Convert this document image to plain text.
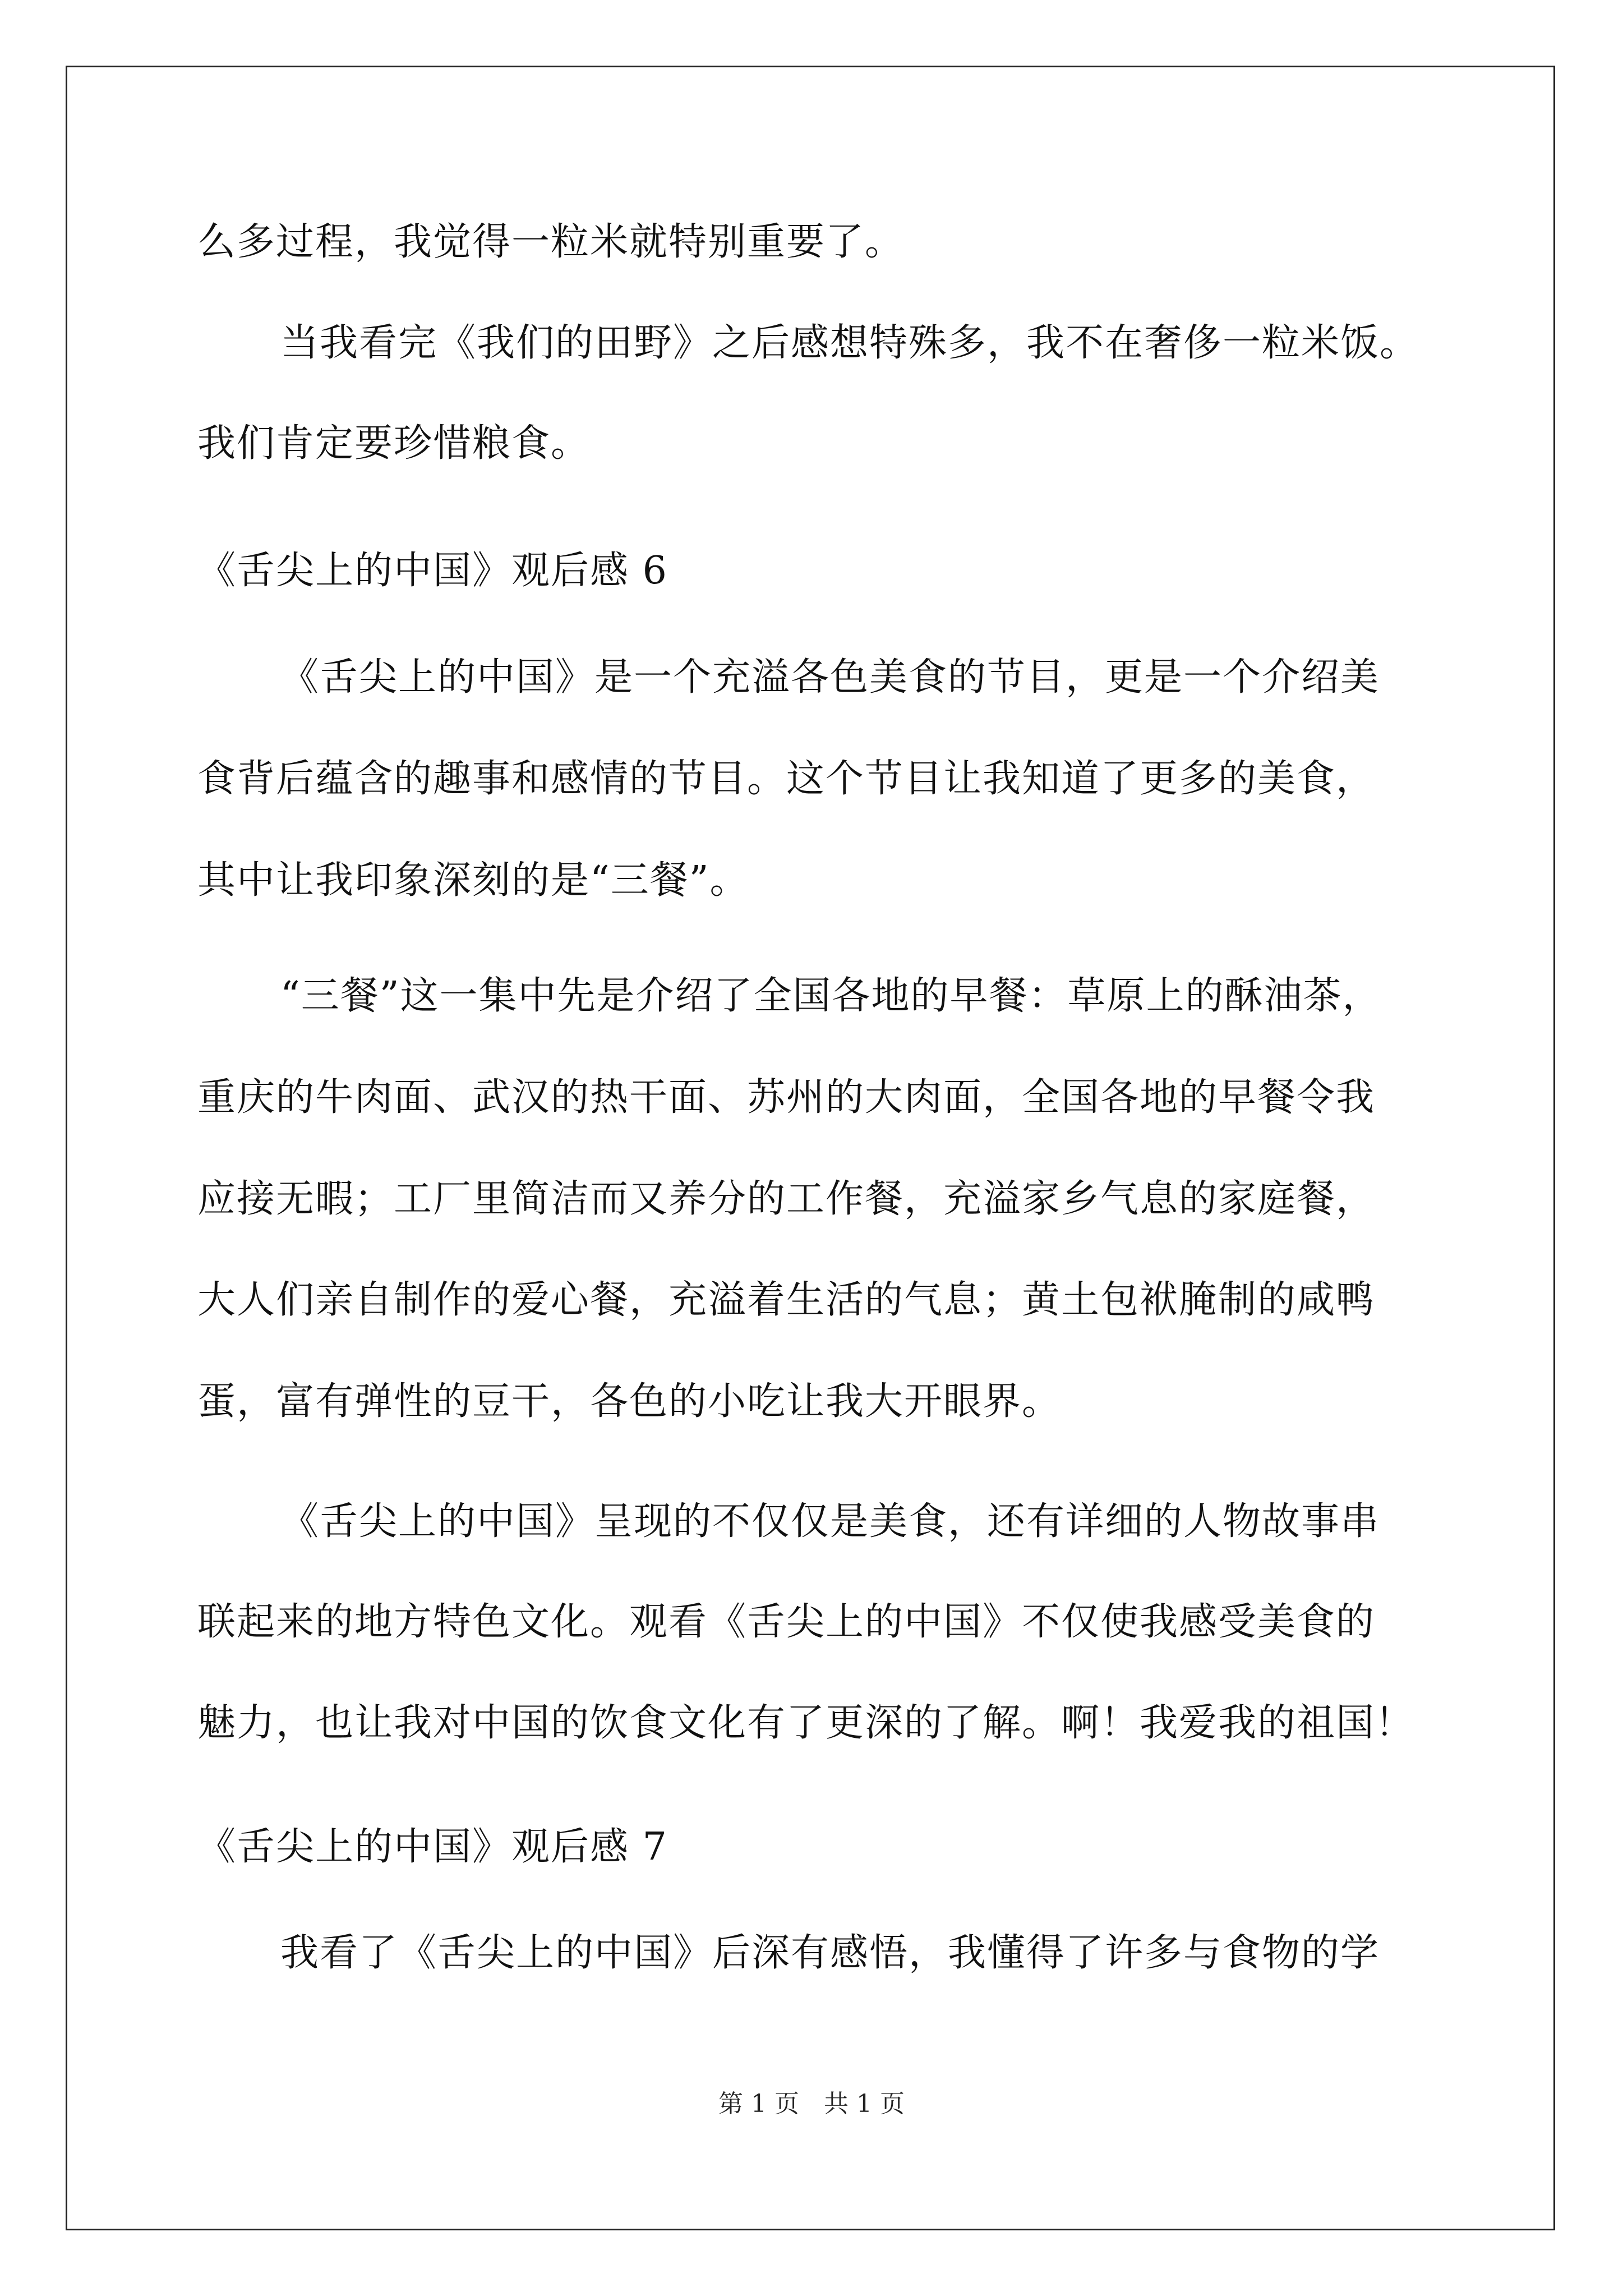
么多过程，我觉得一粒米就特别重要了。
当我看完《我们的田野》之后感想特殊多，我不在奢侈一粒米饭。
我们肯定要珍惜粮食。
《舌尖上的中国》观后感 6
《舌尖上的中国》是一个充溢各色美食的节目，更是一个介绍美
食背后蕴含的趣事和感情的节目。这个节目让我知道了更多的美食，
其中让我印象深刻的是“三餐”。
“三餐”这一集中先是介绍了全国各地的早餐：草原上的酥油茶，
重庆的牛肉面、武汉的热干面、苏州的大肉面，全国各地的早餐令我
应接无暇；工厂里简洁而又养分的工作餐，充溢家乡气息的家庭餐，
大人们亲自制作的爱心餐，充溢着生活的气息；黄土包袱腌制的咸鸭
蛋，富有弹性的豆干，各色的小吃让我大开眼界。
《舌尖上的中国》呈现的不仅仅是美食，还有详细的人物故事串
联起来的地方特色文化。观看《舌尖上的中国》不仅使我感受美食的
魅力，也让我对中国的饮食文化有了更深的了解。啊！我爱我的祖国！
《舌尖上的中国》观后感 7
我看了《舌尖上的中国》后深有感悟，我懂得了许多与食物的学
第 1 页　共 1 页
